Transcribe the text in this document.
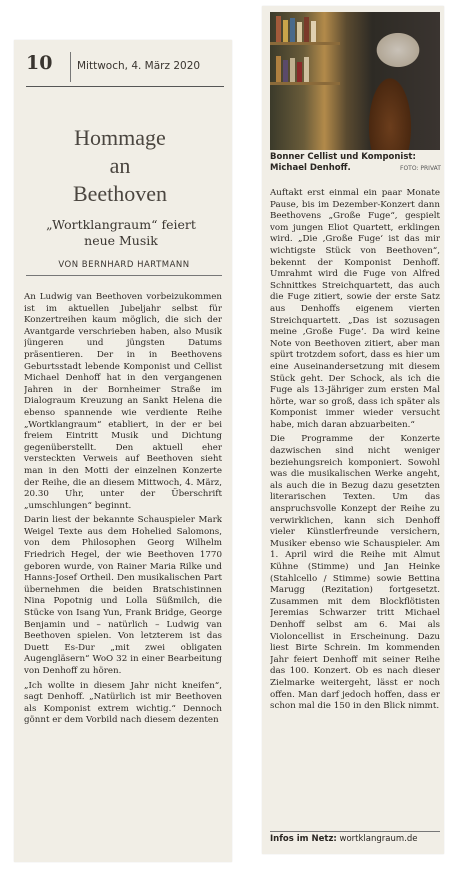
10 Mittwoch, 4. März 2020
Hommage
an
Beethoven
„Wortklangraum“ feiert
neue Musik
VON BERNHARD HARTMANN

An Ludwig van Beethoven vorbeizukommen ist im aktuellen Jubeljahr selbst für Konzertreihen kaum möglich, die sich der Avantgarde verschrieben haben, also Musik jüngeren und jüngsten Datums präsentieren. Der in in Beethovens Geburtsstadt lebende Komponist und Cellist Michael Denhoff hat in den vergangenen Jahren in der Bornheimer Straße im Dialograum Kreuzung an Sankt Helena die ebenso spannende wie verdiente Reihe „Wortklangraum“ etabliert, in der er bei freiem Eintritt Musik und Dichtung gegenüberstellt. Den aktuell eher versteckten Verweis auf Beethoven sieht man in den Motti der einzelnen Konzerte der Reihe, die an diesem Mittwoch, 4. März, 20.30 Uhr, unter der Überschrift „umschlungen“ beginnt.

Darin liest der bekannte Schauspieler Mark Weigel Texte aus dem Hohelied Salomons, von dem Philosophen Georg Wilhelm Friedrich Hegel, der wie Beethoven 1770 geboren wurde, von Rainer Maria Rilke und Hanns-Josef Ortheil. Den musikalischen Part übernehmen die beiden Bratschistinnen Nina Popotnig und Lolla Süßmilch, die Stücke von Isang Yun, Frank Bridge, George Benjamin und – natürlich – Ludwig van Beethoven spielen. Von letzterem ist das Duett Es-Dur „mit zwei obligaten Augengläsern“ WoO 32 in einer Bearbeitung von Denhoff zu hören.

„Ich wollte in diesem Jahr nicht kneifen“, sagt Denhoff. „Natürlich ist mir Beethoven als Komponist extrem wichtig.“ Dennoch gönnt er dem Vorbild nach diesem dezenten

Bonner Cellist und Komponist: Michael Denhoff.	FOTO: PRIVAT

Auftakt erst einmal ein paar Monate Pause, bis im Dezember-Konzert dann Beethovens „Große Fuge“, gespielt vom jungen Eliot Quartett, erklingen wird. „Die ‚Große Fuge‘ ist das mir wichtigste Stück von Beethoven“, bekennt der Komponist Denhoff. Umrahmt wird die Fuge von Alfred Schnittkes Streichquartett, das auch die Fuge zitiert, sowie der erste Satz aus Denhoffs eigenem vierten Streichquartett. „Das ist sozusagen meine ‚Große Fuge‘. Da wird keine Note von Beethoven zitiert, aber man spürt trotzdem sofort, dass es hier um eine Auseinandersetzung mit diesem Stück geht. Der Schock, als ich die Fuge als 13-Jähriger zum ersten Mal hörte, war so groß, dass ich später als Komponist immer wieder versucht habe, mich daran abzuarbeiten.“

Die Programme der Konzerte dazwischen sind nicht weniger beziehungsreich komponiert. Sowohl was die musikalischen Werke angeht, als auch die in Bezug dazu gesetzten literarischen Texten. Um das anspruchsvolle Konzept der Reihe zu verwirklichen, kann sich Denhoff vieler Künstlerfreunde versichern, Musiker ebenso wie Schauspieler. Am 1. April wird die Reihe mit Almut Kühne (Stimme) und Jan Heinke (Stahlcello / Stimme) sowie Bettina Marugg (Rezitation) fortgesetzt. Zusammen mit dem Blockflötisten Jeremias Schwarzer tritt Michael Denhoff selbst am 6. Mai als Violoncellist in Erscheinung. Dazu liest Birte Schrein. Im kommenden Jahr feiert Denhoff mit seiner Reihe das 100. Konzert. Ob es nach dieser Zielmarke weitergeht, lässt er noch offen. Man darf jedoch hoffen, dass er schon mal die 150 in den Blick nimmt.

Infos im Netz: wortklangraum.de
